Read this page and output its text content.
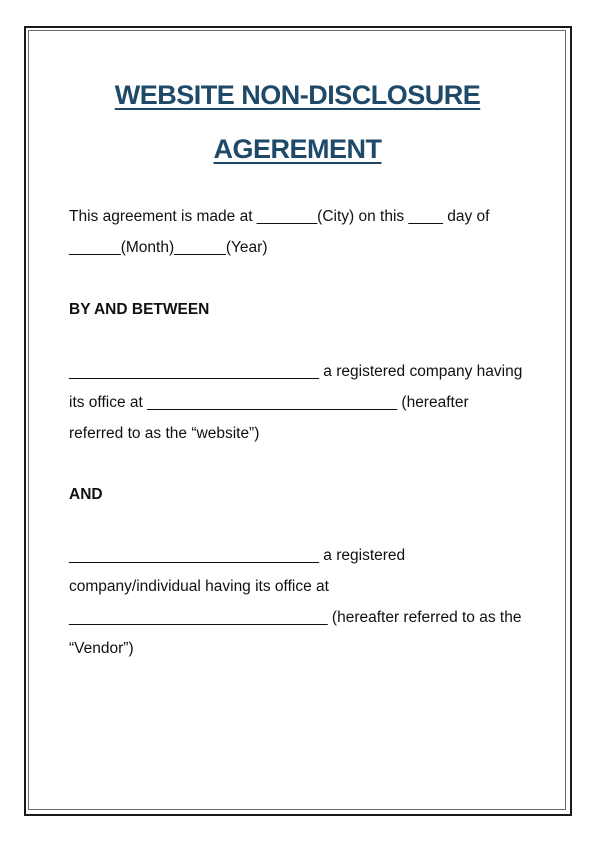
WEBSITE NON-DISCLOSURE
AGEREMENT
This agreement is made at _______(City) on this ____ day of
______(Month)______(Year)
BY AND BETWEEN
_____________________________ a registered company having
its office at _____________________________ (hereafter
referred to as the “website”)
AND
_____________________________ a registered
company/individual having its office at
______________________________ (hereafter referred to as the
“Vendor”)
